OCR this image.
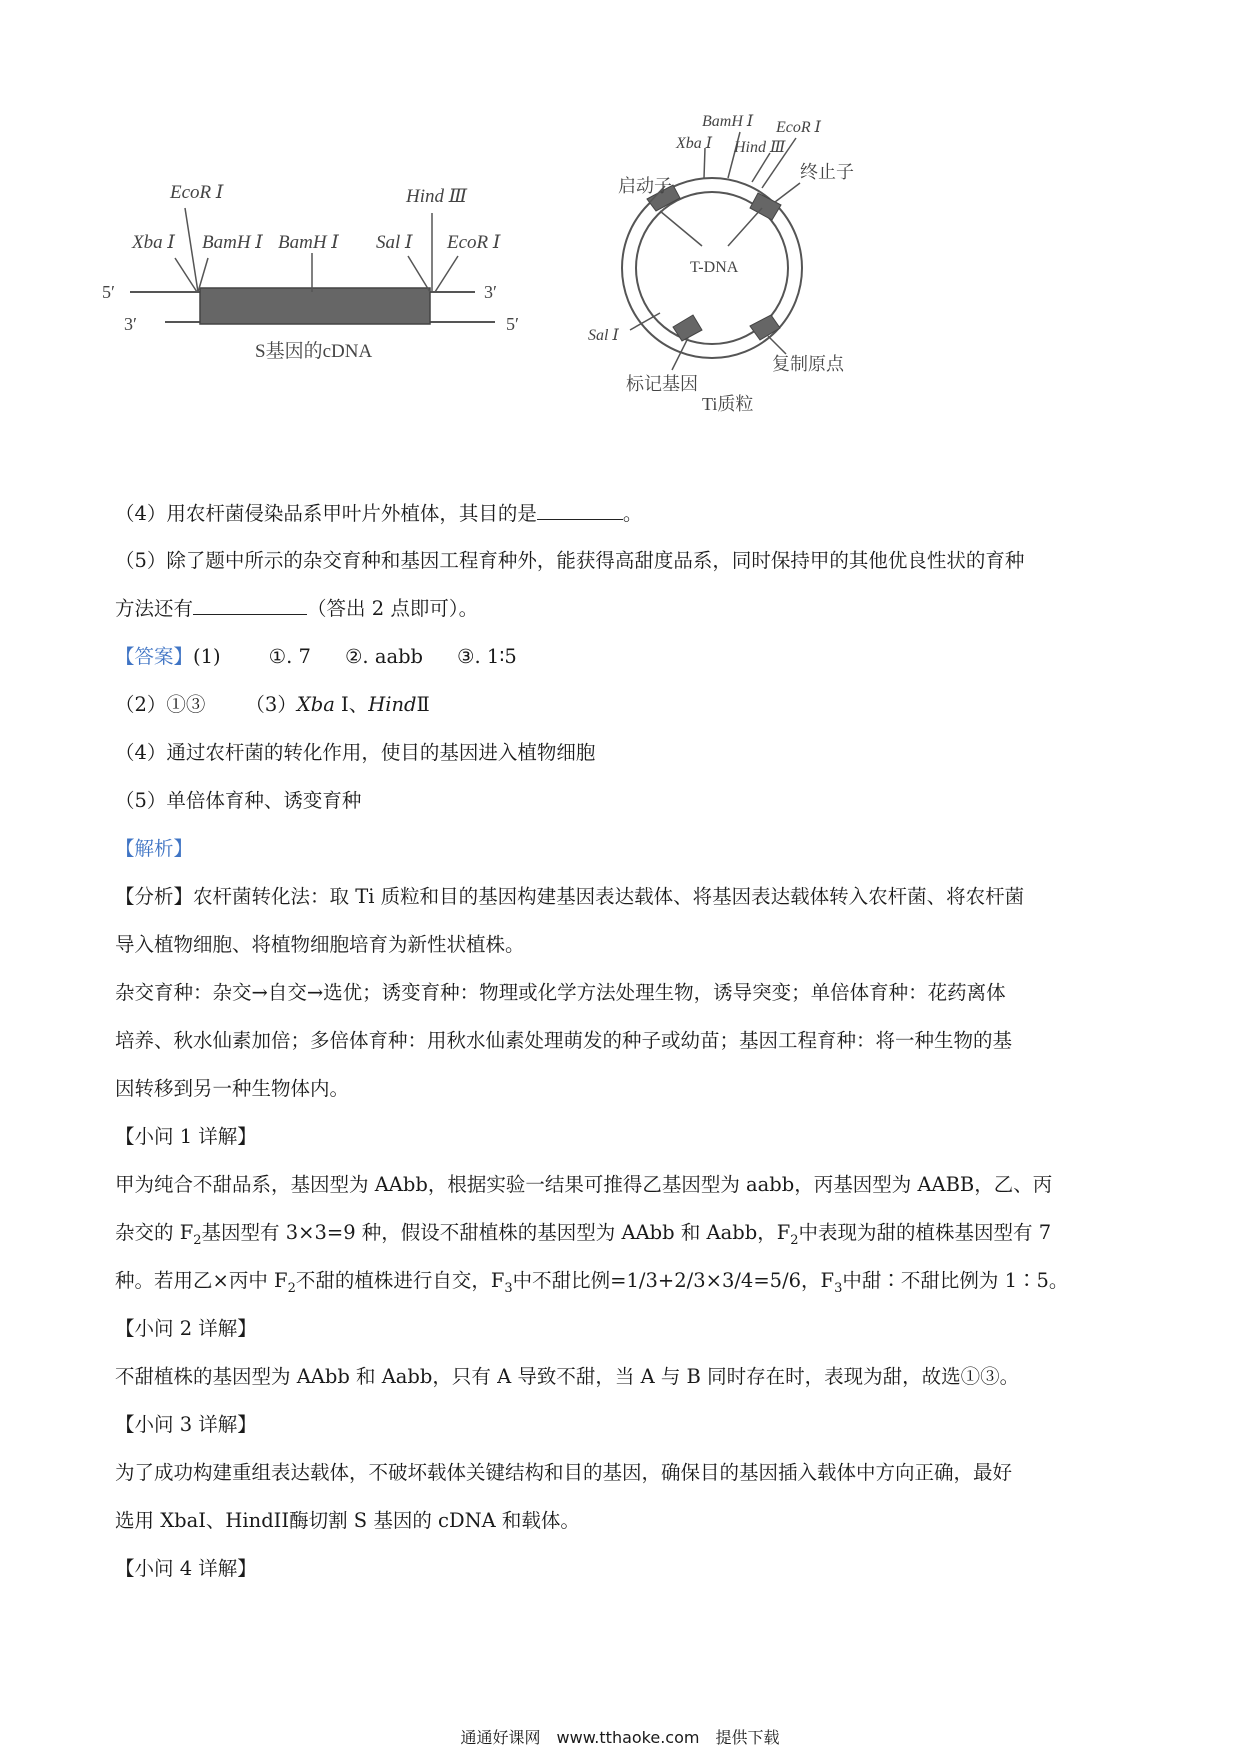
EcoR Ⅰ
Xba Ⅰ BamH Ⅰ BamH Ⅰ
Hind Ⅲ
Sal Ⅰ EcoR Ⅰ
5′
3′
3′
5′
S基因的cDNA
T-DNA
BamH Ⅰ
Xba Ⅰ
EcoR Ⅰ
Hind Ⅲ
Sal Ⅰ
启动子
终止子
标记基因
复制原点
Ti质粒
（4）用农杆菌侵染品系甲叶片外植体，其目的是	。
（5）除了题中所示的杂交育种和基因工程育种外，能获得高甜度品系，同时保持甲的其他优良性状的育种
方法还有	（答出 2 点即可）。
【答案】(1) ①. 7 ②. aabb ③. 1∶5
（2）①③ （3）Xba Ⅰ、HindⅡ
（4）通过农杆菌的转化作用，使目的基因进入植物细胞
（5）单倍体育种、诱变育种
【解析】
【分析】农杆菌转化法：取 Ti 质粒和目的基因构建基因表达载体、将基因表达载体转入农杆菌、将农杆菌
导入植物细胞、将植物细胞培育为新性状植株。
杂交育种：杂交→自交→选优；诱变育种：物理或化学方法处理生物，诱导突变；单倍体育种：花药离体
培养、秋水仙素加倍；多倍体育种：用秋水仙素处理萌发的种子或幼苗；基因工程育种：将一种生物的基
因转移到另一种生物体内。
【小问 1 详解】
甲为纯合不甜品系，基因型为 AAbb，根据实验一结果可推得乙基因型为 aabb，丙基因型为 AABB，乙、丙
杂交的 $F_2$基因型有 3×3=9 种，假设不甜植株的基因型为 AAbb 和 Aabb，$F_2$中表现为甜的植株基因型有 7
种。若用乙×丙中 $F_2$不甜的植株进行自交，$F_3$中不甜比例=1/3+2/3×3/4=5/6，$F_3$中甜∶不甜比例为 1∶5。
【小问 2 详解】
不甜植株的基因型为 AAbb 和 Aabb，只有 A 导致不甜，当 A 与 B 同时存在时，表现为甜，故选①③。
【小问 3 详解】
为了成功构建重组表达载体，不破坏载体关键结构和目的基因，确保目的基因插入载体中方向正确，最好
选用 XbaI、HindII酶切割 S 基因的 cDNA 和载体。
【小问 4 详解】
通通好课网　www.tthaoke.com　提供下载
